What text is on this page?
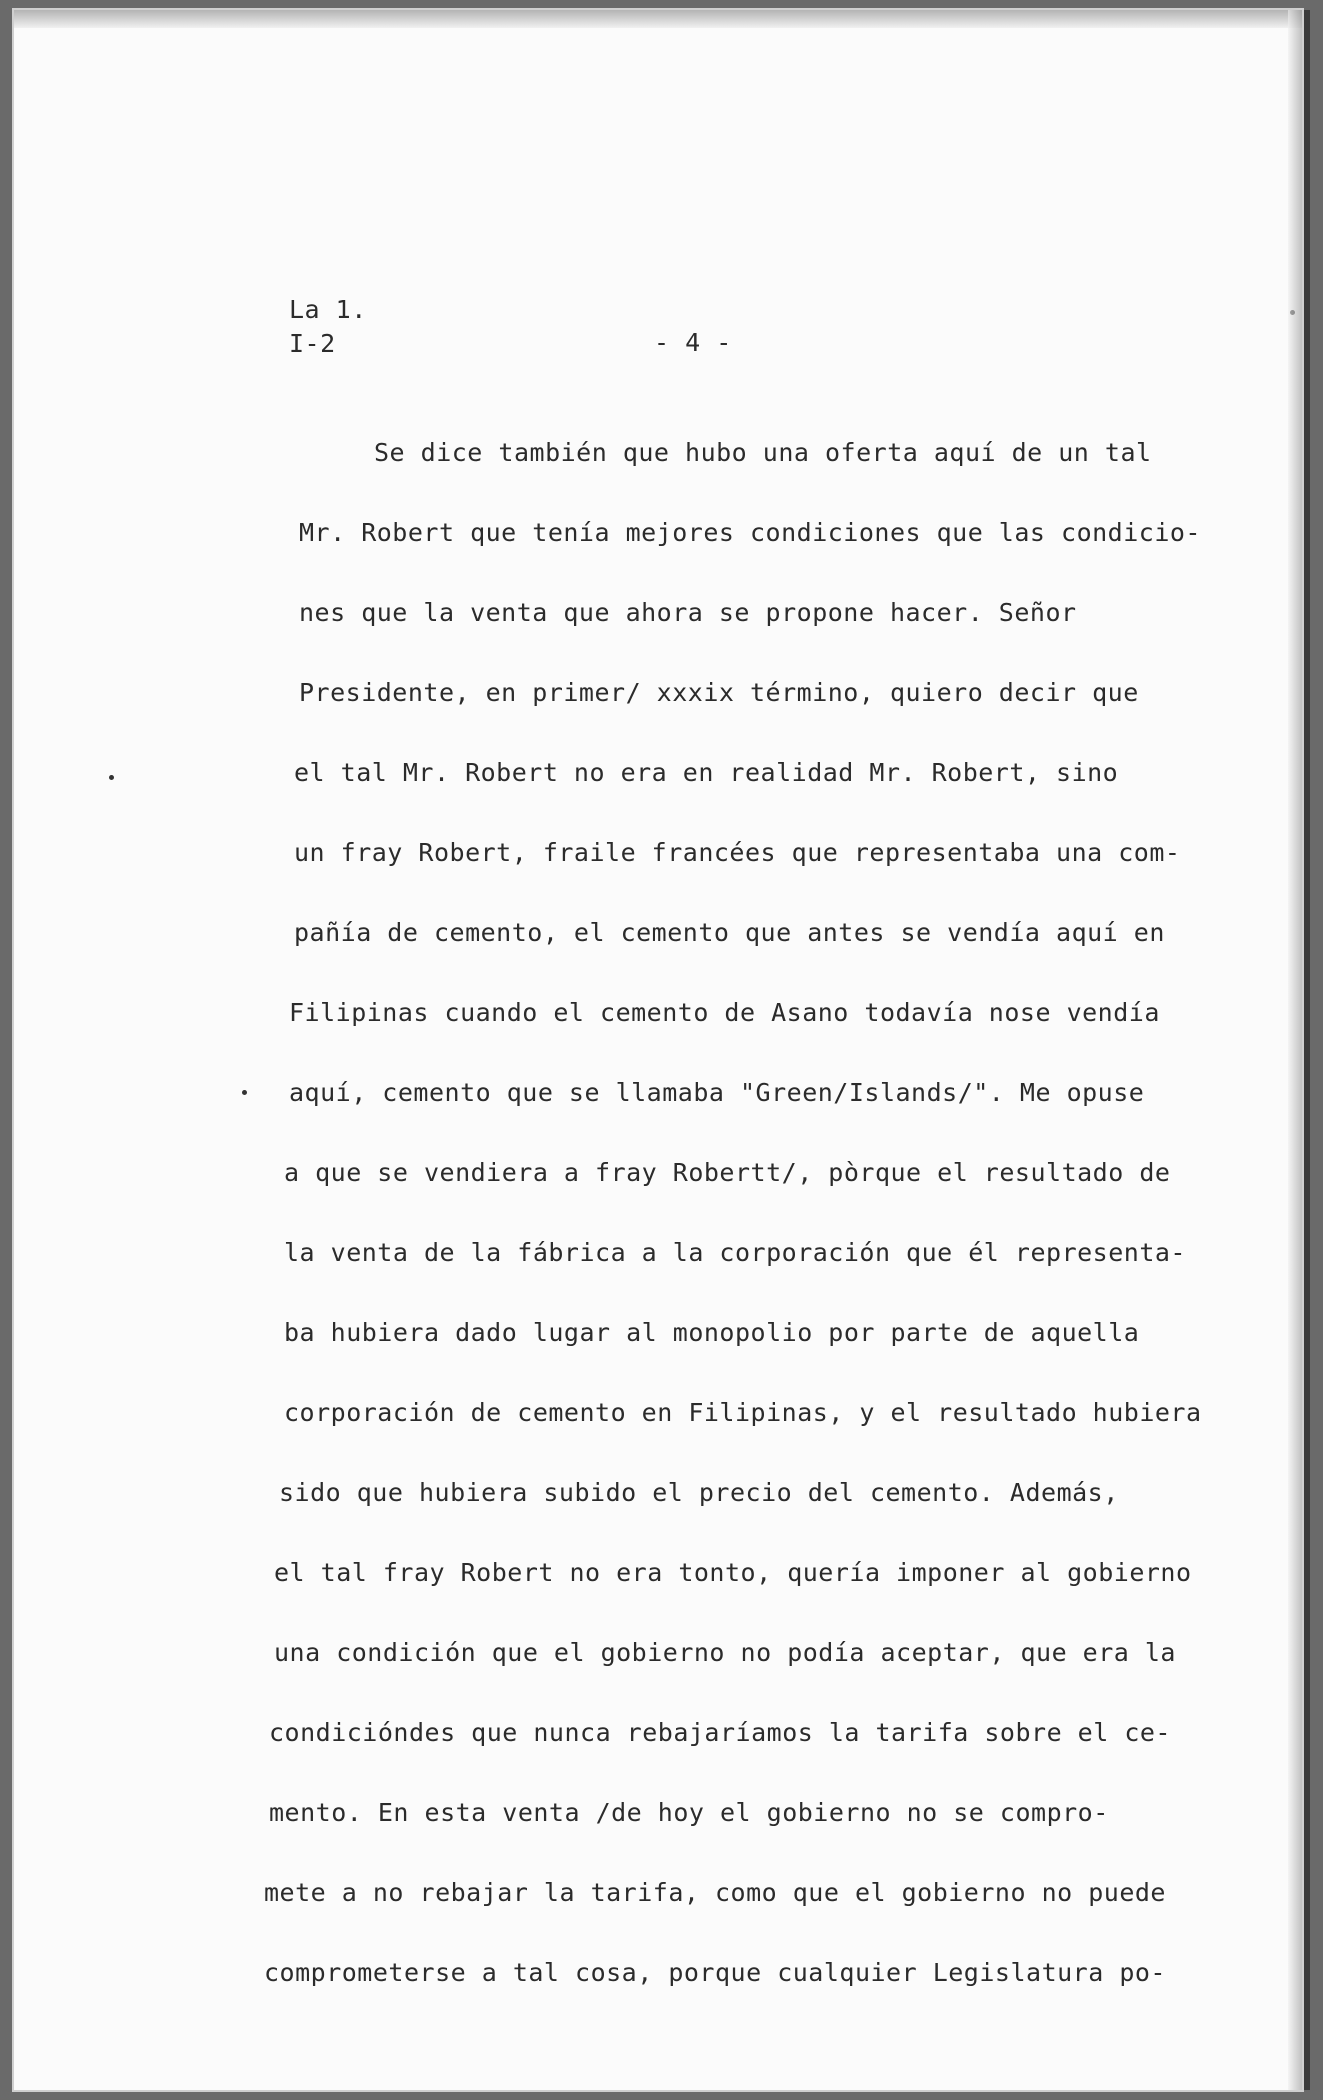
La 1.
I-2	- 4 -
Se dice también que hubo una oferta aquí de un tal
Mr. Robert que tenía mejores condiciones que las condicio-
nes que la venta que ahora se propone hacer. Señor
Presidente, en primer/ xxxix término, quiero decir que
el tal Mr. Robert no era en realidad Mr. Robert, sino
un fray Robert, fraile francées que representaba una com-
pañía de cemento, el cemento que antes se vendía aquí en
Filipinas cuando el cemento de Asano todavía nose vendía
aquí, cemento que se llamaba "Green/Islands/". Me opuse
a que se vendiera a fray Robertt/, pòrque el resultado de
la venta de la fábrica a la corporación que él representa-
ba hubiera dado lugar al monopolio por parte de aquella
corporación de cemento en Filipinas, y el resultado hubiera
sido que hubiera subido el precio del cemento. Además,
el tal fray Robert no era tonto, quería imponer al gobierno
una condición que el gobierno no podía aceptar, que era la
condicióndes que nunca rebajaríamos la tarifa sobre el ce-
mento. En esta venta /de hoy el gobierno no se compro-
mete a no rebajar la tarifa, como que el gobierno no puede
comprometerse a tal cosa, porque cualquier Legislatura po-
